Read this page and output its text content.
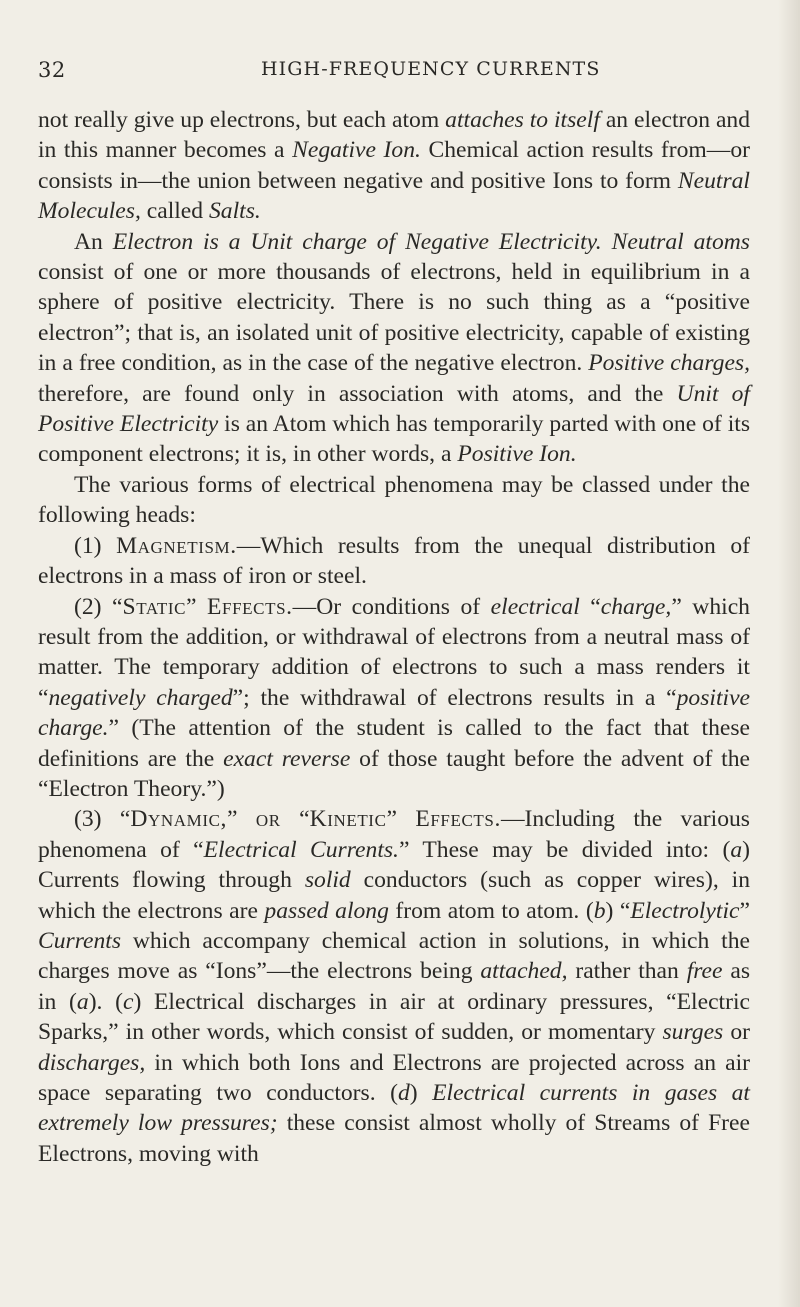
32	HIGH-FREQUENCY CURRENTS

not really give up electrons, but each atom attaches to itself an electron and in this manner becomes a Negative Ion. Chemical action results from—or consists in—the union between negative and positive Ions to form Neutral Molecules, called Salts.

An Electron is a Unit charge of Negative Electricity. Neutral atoms consist of one or more thousands of electrons, held in equilibrium in a sphere of positive electricity. There is no such thing as a “positive electron”; that is, an isolated unit of positive electricity, capable of existing in a free condition, as in the case of the negative electron. Positive charges, therefore, are found only in association with atoms, and the Unit of Positive Electricity is an Atom which has temporarily parted with one of its component electrons; it is, in other words, a Positive Ion.

The various forms of electrical phenomena may be classed under the following heads:

(1) Magnetism.—Which results from the unequal distribution of electrons in a mass of iron or steel.

(2) “Static” Effects.—Or conditions of electrical “charge,” which result from the addition, or withdrawal of electrons from a neutral mass of matter. The temporary addition of electrons to such a mass renders it “negatively charged”; the withdrawal of electrons results in a “positive charge.” (The attention of the student is called to the fact that these definitions are the exact reverse of those taught before the advent of the “Electron Theory.”)

(3) “Dynamic,” or “Kinetic” Effects.—Including the various phenomena of “Electrical Currents.” These may be divided into: (a) Currents flowing through solid conductors (such as copper wires), in which the electrons are passed along from atom to atom. (b) “Electrolytic” Currents which accompany chemical action in solutions, in which the charges move as “Ions”—the electrons being attached, rather than free as in (a). (c) Electrical discharges in air at ordinary pressures, “Electric Sparks,” in other words, which consist of sudden, or momentary surges or discharges, in which both Ions and Electrons are projected across an air space separating two conductors. (d) Electrical currents in gases at extremely low pressures; these consist almost wholly of Streams of Free Electrons, moving with
